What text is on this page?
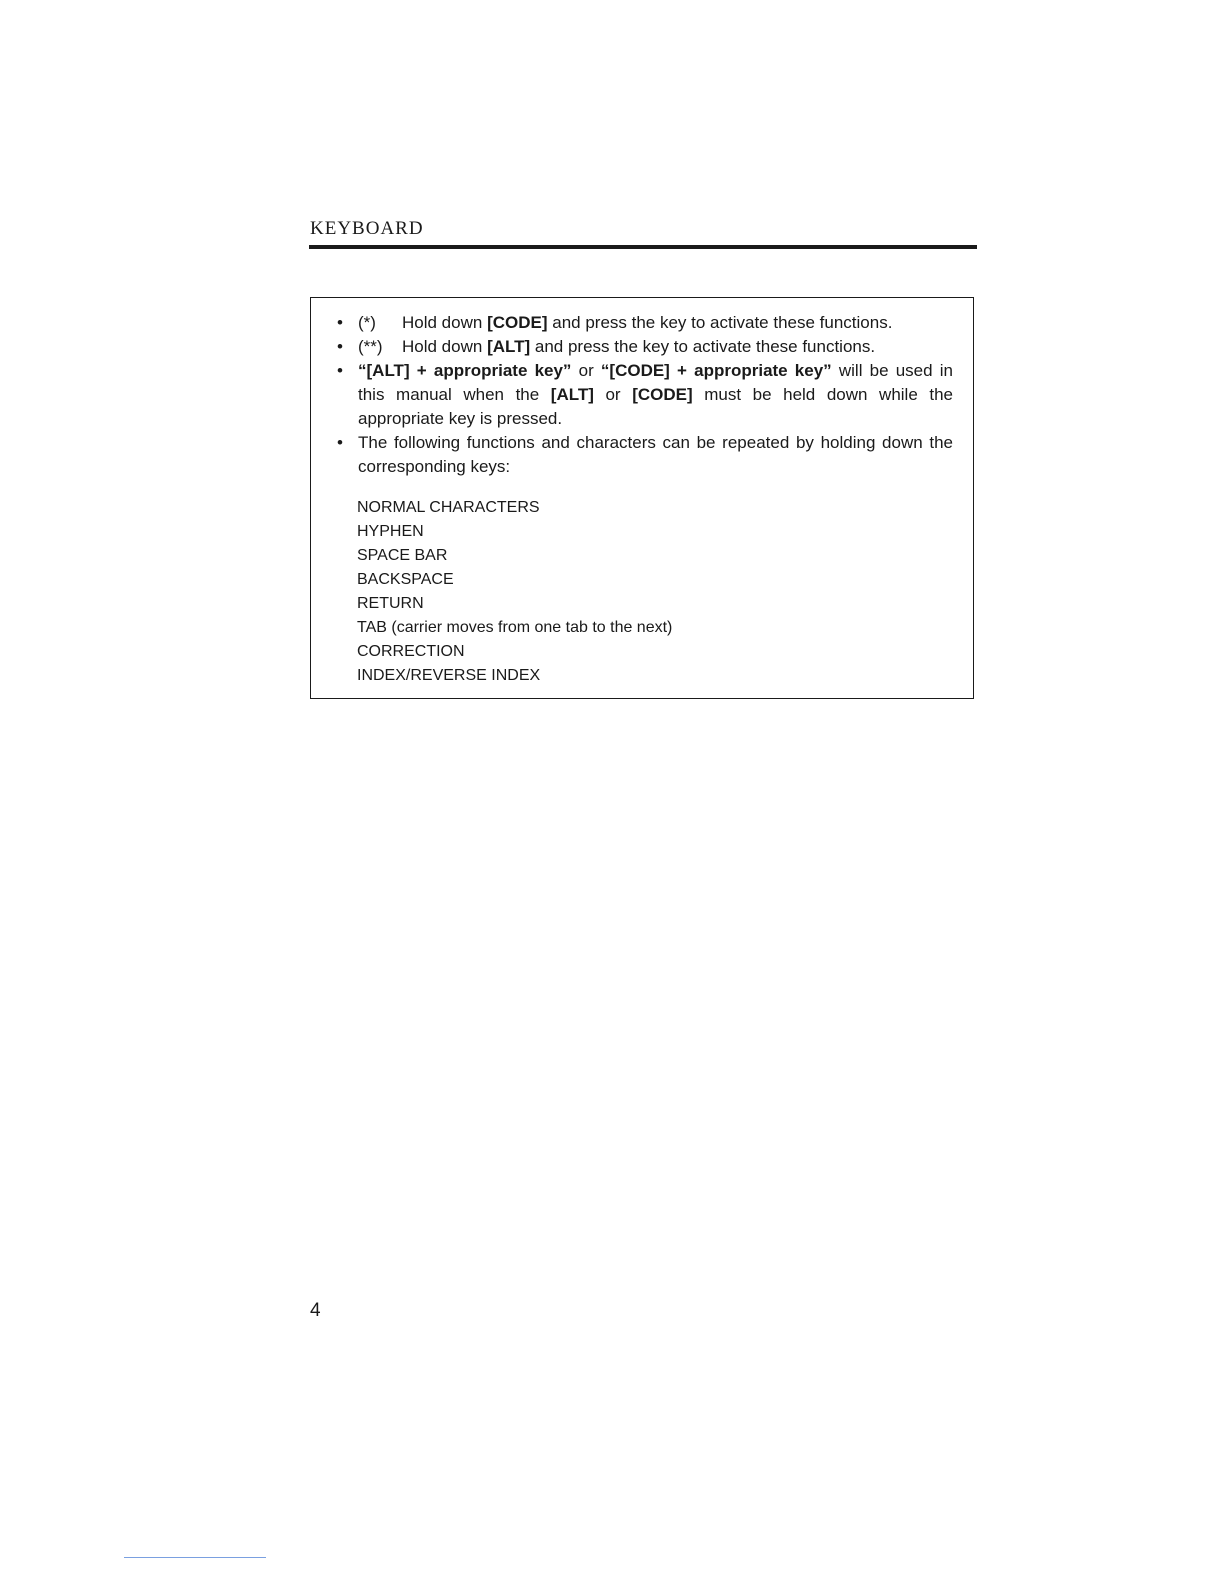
KEYBOARD
• (*) Hold down [CODE] and press the key to activate these functions.
• (**) Hold down [ALT] and press the key to activate these functions.
• “[ALT] + appropriate key” or “[CODE] + appropriate key” will be used in this manual when the [ALT] or [CODE] must be held down while the appropriate key is pressed.
• The following functions and characters can be repeated by holding down the corresponding keys:
NORMAL CHARACTERS
HYPHEN
SPACE BAR
BACKSPACE
RETURN
TAB (carrier moves from one tab to the next)
CORRECTION
INDEX/REVERSE INDEX
4
